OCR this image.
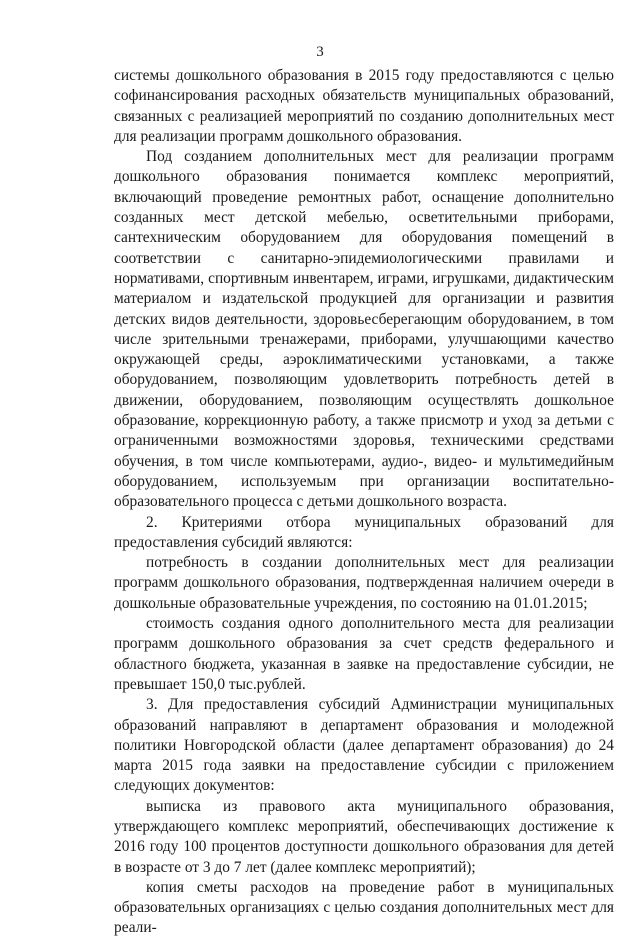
3

системы дошкольного образования в 2015 году предоставляются с целью софинансирования расходных обязательств муниципальных образований, связанных с реализацией мероприятий по созданию дополнительных мест для реализации программ дошкольного образования.

Под созданием дополнительных мест для реализации программ дошкольного образования понимается комплекс мероприятий, включающий проведение ремонтных работ, оснащение дополнительно созданных мест детской мебелью, осветительными приборами, сантехническим оборудованием для оборудования помещений в соответствии с санитарно-эпидемиологическими правилами и нормативами, спортивным инвентарем, играми, игрушками, дидактическим материалом и издательской продукцией для организации и развития детских видов деятельности, здоровьесберегающим оборудованием, в том числе зрительными тренажерами, приборами, улучшающими качество окружающей среды, аэроклиматическими установками, а также оборудованием, позволяющим удовлетворить потребность детей в движении, оборудованием, позволяющим осуществлять дошкольное образование, коррекционную работу, а также присмотр и уход за детьми с ограниченными возможностями здоровья, техническими средствами обучения, в том числе компьютерами, аудио-, видео- и мультимедийным оборудованием, используемым при организации воспитательно-образовательного процесса с детьми дошкольного возраста.

2. Критериями отбора муниципальных образований для предоставления субсидий являются:

потребность в создании дополнительных мест для реализации программ дошкольного образования, подтвержденная наличием очереди в дошкольные образовательные учреждения, по состоянию на 01.01.2015;

стоимость создания одного дополнительного места для реализации программ дошкольного образования за счет средств федерального и областного бюджета, указанная в заявке на предоставление субсидии, не превышает 150,0 тыс.рублей.

3. Для предоставления субсидий Администрации муниципальных образований направляют в департамент образования и молодежной политики Новгородской области (далее департамент образования) до 24 марта 2015 года заявки на предоставление субсидии с приложением следующих документов:

выписка из правового акта муниципального образования, утверждающего комплекс мероприятий, обеспечивающих достижение к 2016 году 100 процентов доступности дошкольного образования для детей в возрасте от 3 до 7 лет (далее комплекс мероприятий);

копия сметы расходов на проведение работ в муниципальных образовательных организациях с целью создания дополнительных мест для реали-
